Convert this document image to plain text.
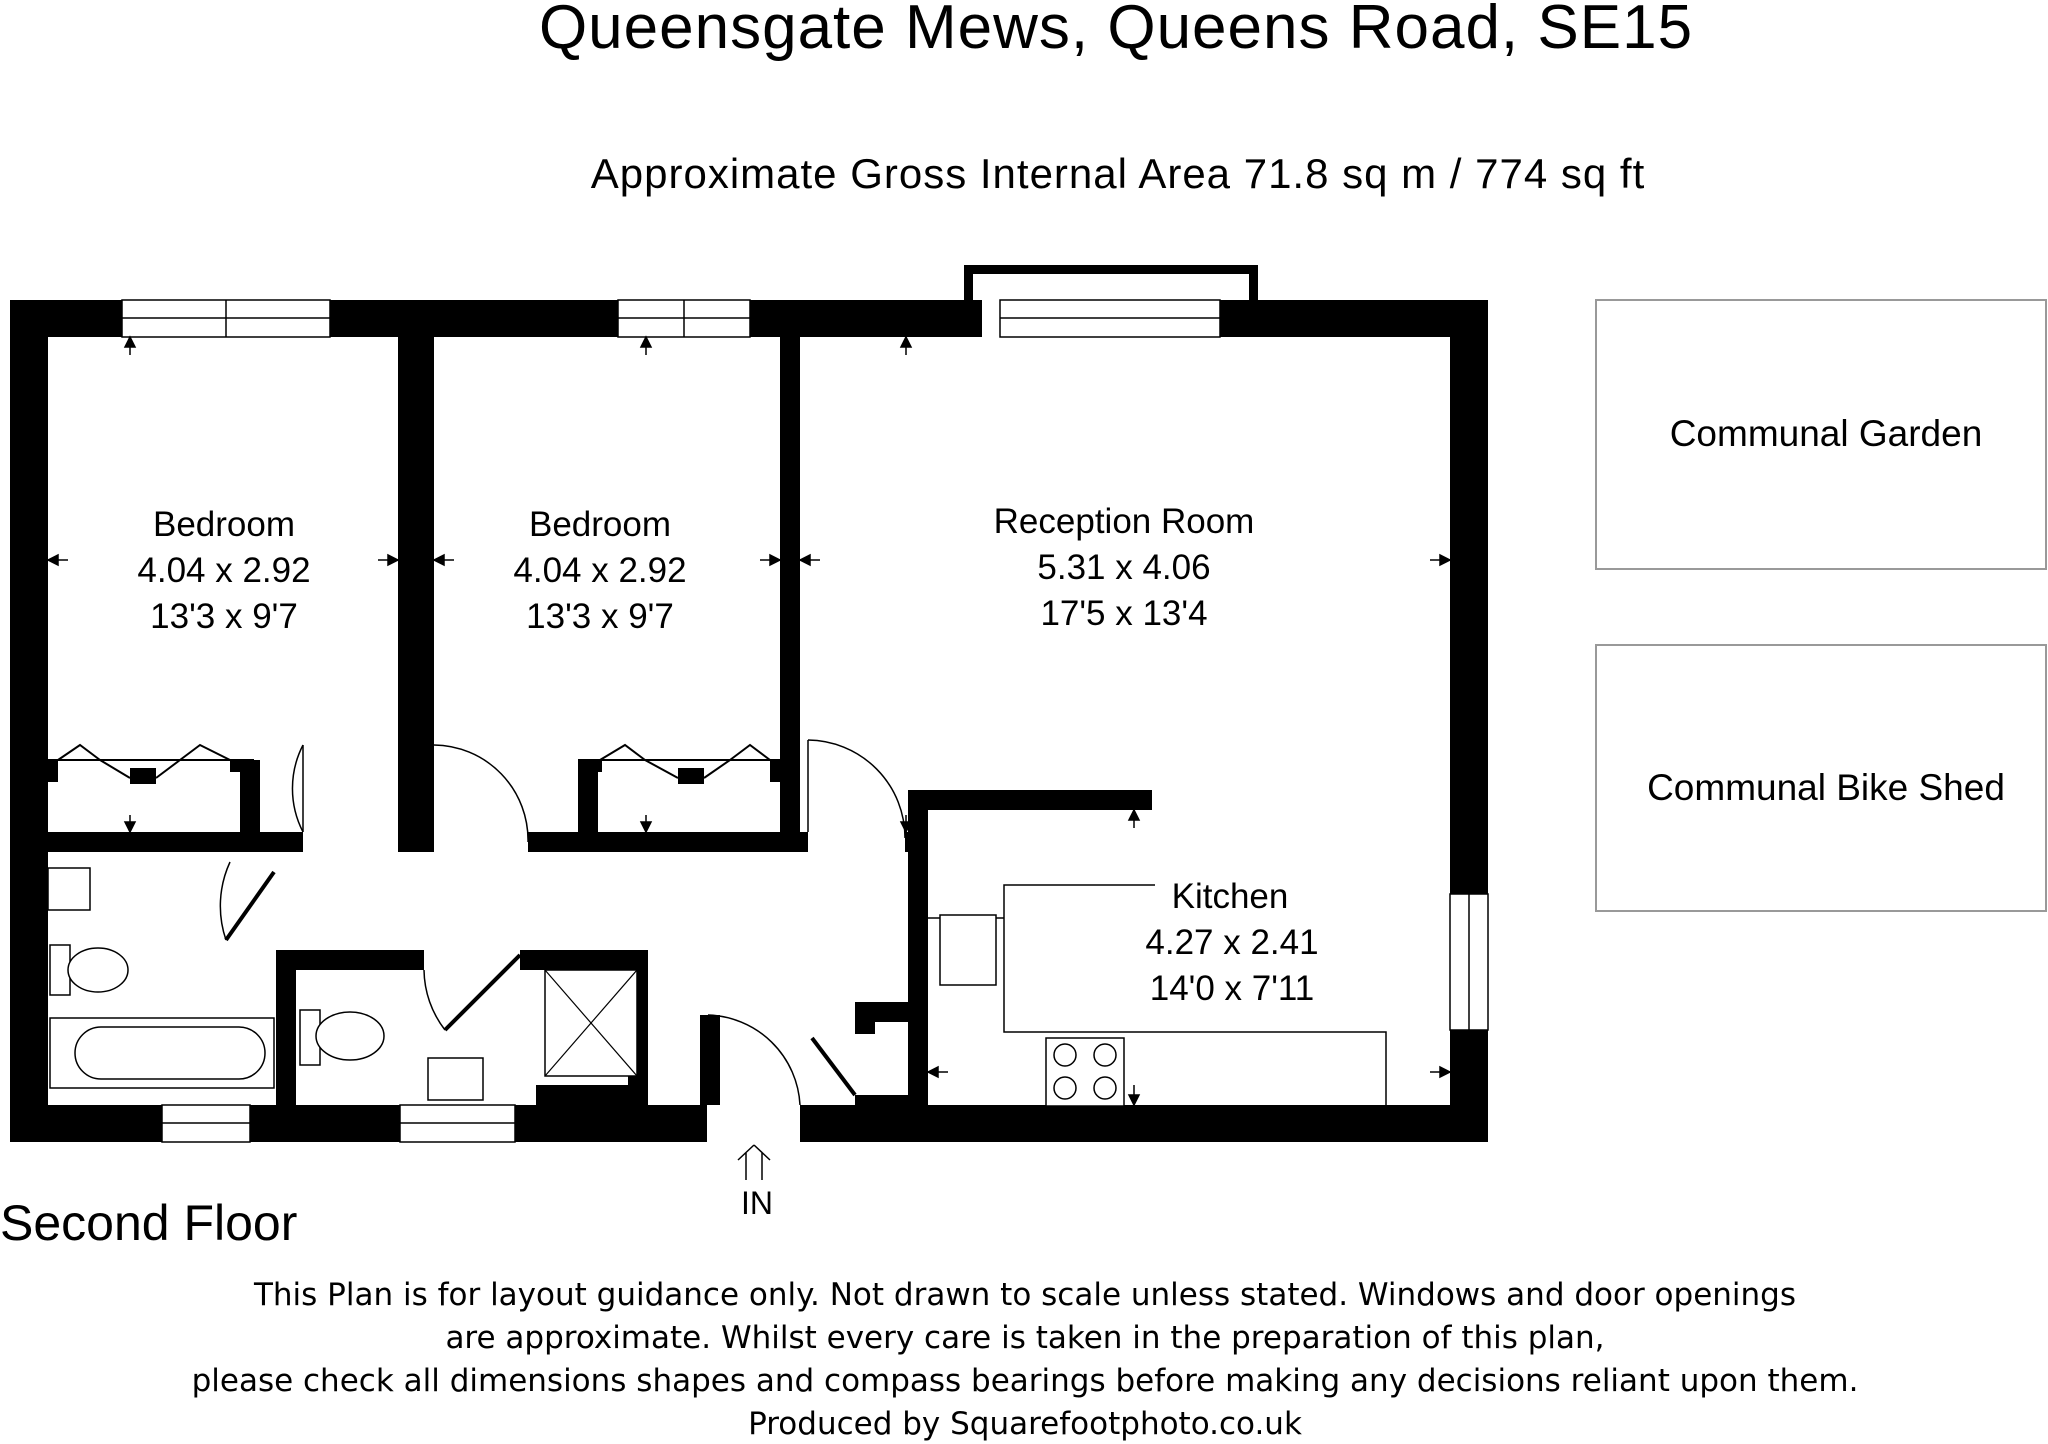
Queensgate Mews, Queens Road, SE15
Approximate Gross Internal Area 71.8 sq m / 774 sq ft
IN
Bedroom
4.04 x 2.92
13'3 x 9'7
Bedroom
4.04 x 2.92
13'3 x 9'7
Reception Room
5.31 x 4.06
17'5 x 13'4
Kitchen
4.27 x 2.41
14'0 x 7'11
Communal Garden
Communal Bike Shed
Second Floor
This Plan is for layout guidance only. Not drawn to scale unless stated. Windows and door openings
are approximate. Whilst every care is taken in the preparation of this plan,
please check all dimensions shapes and compass bearings before making any decisions reliant upon them.
Produced by Squarefootphoto.co.uk
